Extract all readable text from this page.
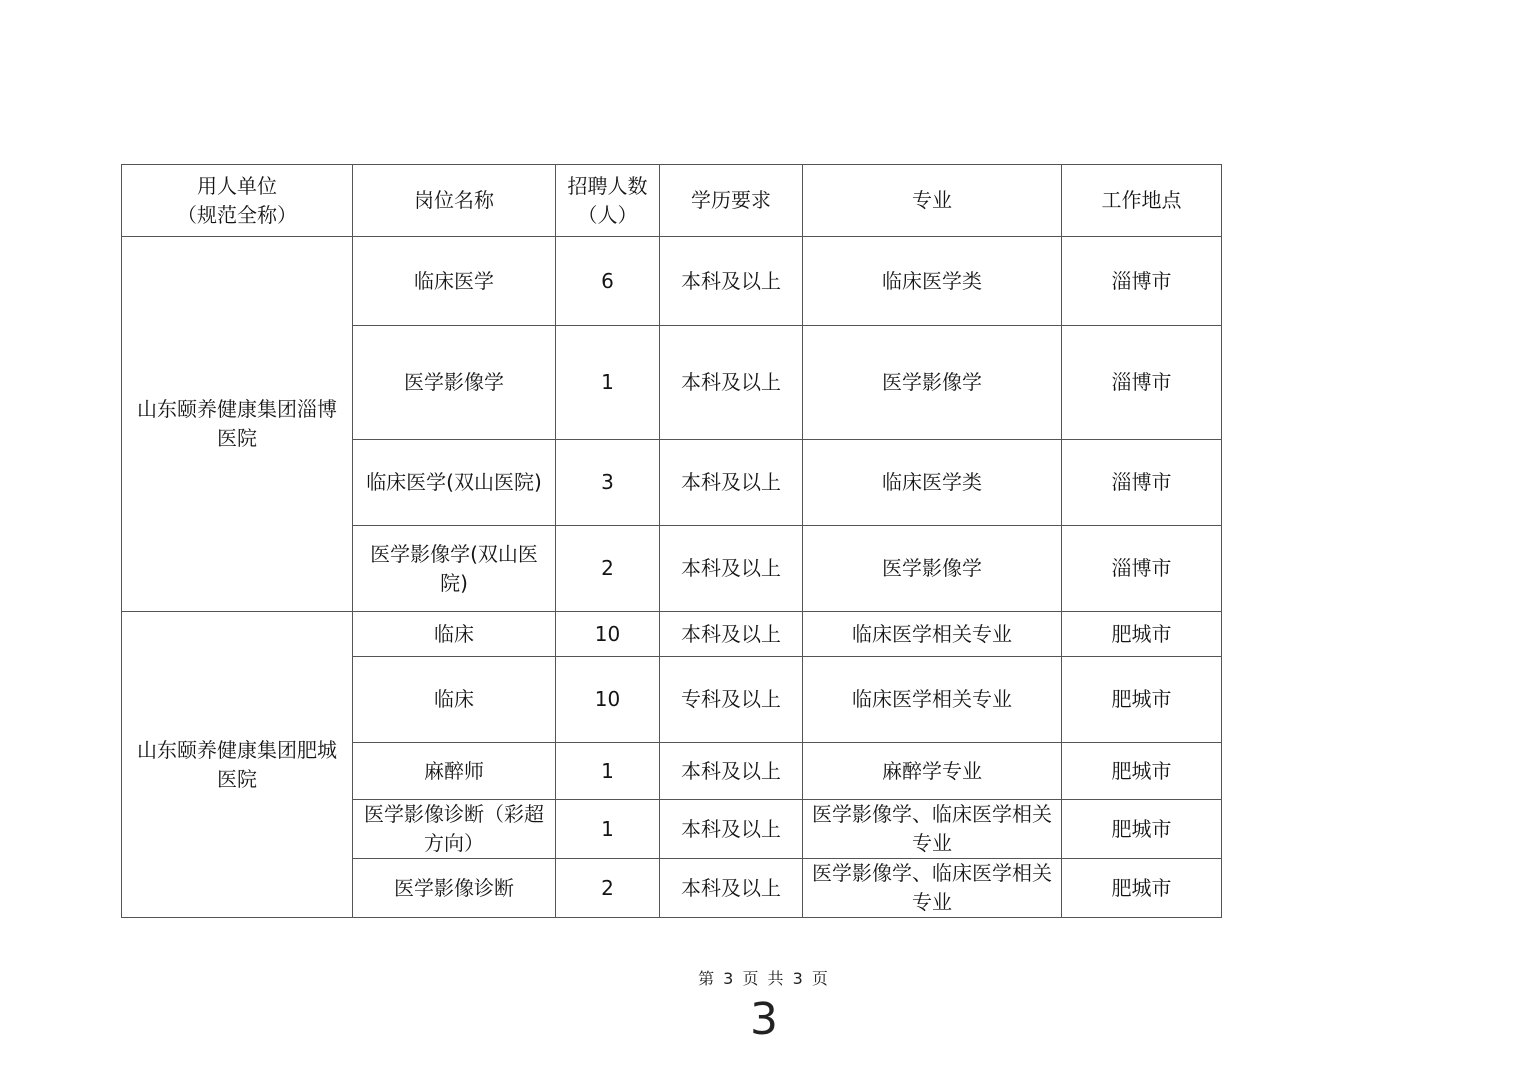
用人单位
（规范全称）	岗位名称	招聘人数（人）	学历要求	专业	工作地点
山东颐养健康集团淄博医院	临床医学	6	本科及以上	临床医学类	淄博市
	医学影像学	1	本科及以上	医学影像学	淄博市
	临床医学(双山医院)	3	本科及以上	临床医学类	淄博市
	医学影像学(双山医院)	2	本科及以上	医学影像学	淄博市
山东颐养健康集团肥城医院	临床	10	本科及以上	临床医学相关专业	肥城市
	临床	10	专科及以上	临床医学相关专业	肥城市
	麻醉师	1	本科及以上	麻醉学专业	肥城市
	医学影像诊断（彩超方向）	1	本科及以上	医学影像学、临床医学相关专业	肥城市
	医学影像诊断	2	本科及以上	医学影像学、临床医学相关专业	肥城市
第 3 页 共 3 页
3
